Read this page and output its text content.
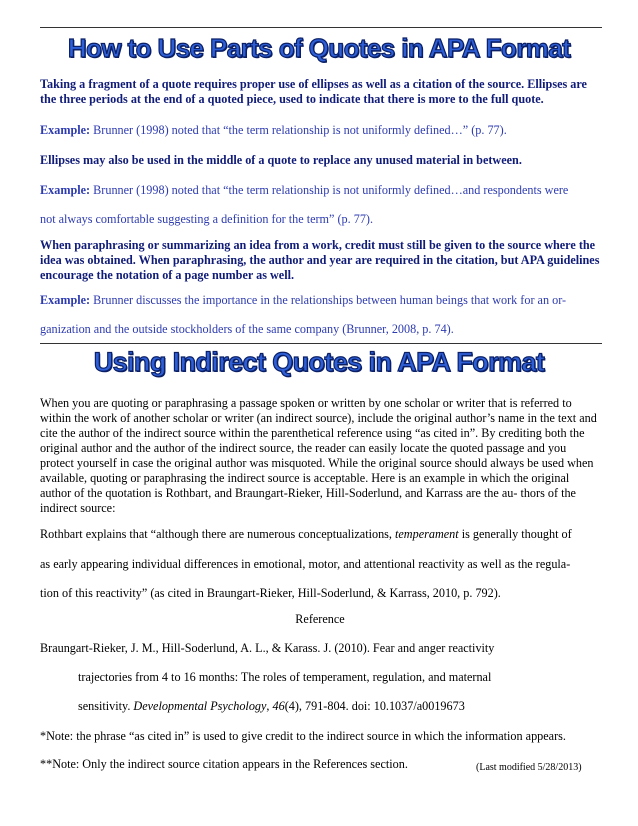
How to Use Parts of Quotes in APA Format
Taking a fragment of a quote requires proper use of ellipses as well as a citation of the source. Ellipses are the three periods at the end of a quoted piece, used to indicate that there is more to the full quote.
Example: Brunner (1998) noted that “the term relationship is not uniformly defined…” (p. 77).
Ellipses may also be used in the middle of a quote to replace any unused material in between.
Example: Brunner (1998) noted that “the term relationship is not uniformly defined…and respondents were
not always comfortable suggesting a definition for the term” (p. 77).
When paraphrasing or summarizing an idea from a work, credit must still be given to the source where the idea was obtained. When paraphrasing, the author and year are required in the citation, but APA guidelines encourage the notation of a page number as well.
Example: Brunner discusses the importance in the relationships between human beings that work for an or-
ganization and the outside stockholders of the same company (Brunner, 2008, p. 74).
Using Indirect Quotes in APA Format
When you are quoting or paraphrasing a passage spoken or written by one scholar or writer that is referred to within the work of another scholar or writer (an indirect source), include the original author’s name in the text and cite the author of the indirect source within the parenthetical reference using “as cited in”. By crediting both the original author and the author of the indirect source, the reader can easily locate the quoted passage and you protect yourself in case the original author was misquoted. While the original source should always be used when available, quoting or paraphrasing the indirect source is acceptable. Here is an example in which the original author of the quotation is Rothbart, and Braungart-Rieker, Hill-Soderlund, and Karrass are the au- thors of the indirect source:
Rothbart explains that “although there are numerous conceptualizations, temperament is generally thought of
as early appearing individual differences in emotional, motor, and attentional reactivity as well as the regula-
tion of this reactivity” (as cited in Braungart-Rieker, Hill-Soderlund, & Karrass, 2010, p. 792).
Reference
Braungart-Rieker, J. M., Hill-Soderlund, A. L., & Karass. J. (2010). Fear and anger reactivity
trajectories from 4 to 16 months: The roles of temperament, regulation, and maternal
sensitivity. Developmental Psychology, 46(4), 791-804. doi: 10.1037/a0019673
*Note: the phrase “as cited in” is used to give credit to the indirect source in which the information appears.
**Note: Only the indirect source citation appears in the References section.	(Last modified 5/28/2013)
